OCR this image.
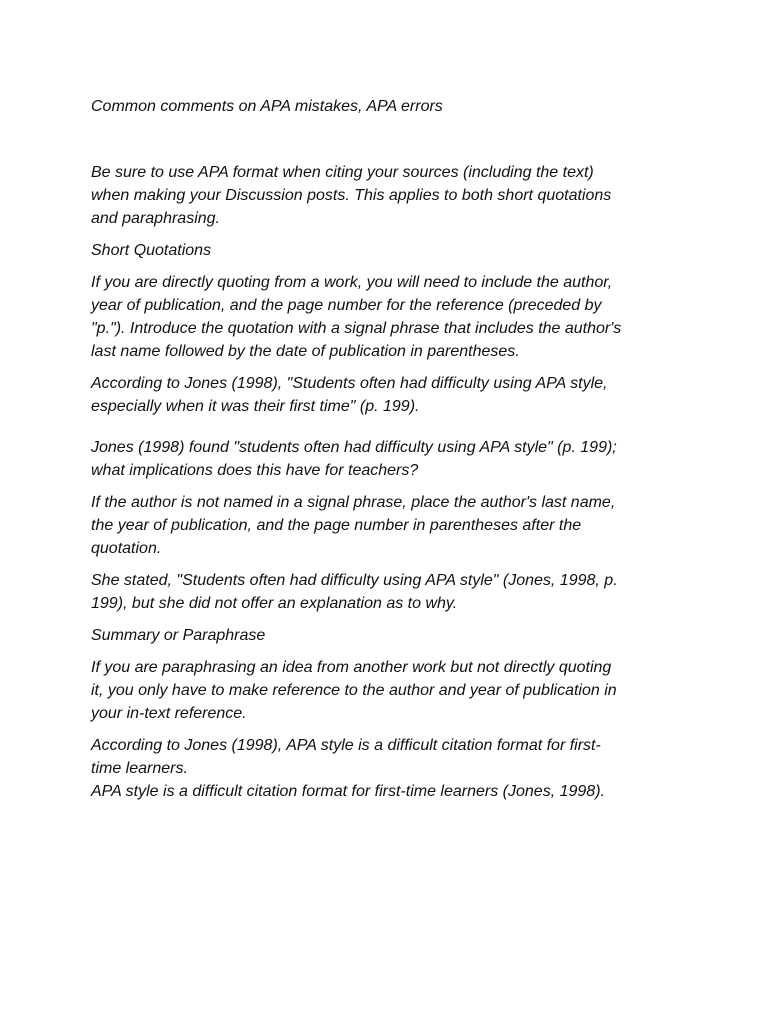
Common comments on APA mistakes, APA errors

Be sure to use APA format when citing your sources (including the text)
when making your Discussion posts. This applies to both short quotations
and paraphrasing.

Short Quotations

If you are directly quoting from a work, you will need to include the author,
year of publication, and the page number for the reference (preceded by
"p."). Introduce the quotation with a signal phrase that includes the author's
last name followed by the date of publication in parentheses.

According to Jones (1998), "Students often had difficulty using APA style,
especially when it was their first time" (p. 199).

Jones (1998) found "students often had difficulty using APA style" (p. 199);
what implications does this have for teachers?

If the author is not named in a signal phrase, place the author's last name,
the year of publication, and the page number in parentheses after the
quotation.

She stated, "Students often had difficulty using APA style" (Jones, 1998, p.
199), but she did not offer an explanation as to why.

Summary or Paraphrase

If you are paraphrasing an idea from another work but not directly quoting
it, you only have to make reference to the author and year of publication in
your in-text reference.

According to Jones (1998), APA style is a difficult citation format for first-
time learners.

APA style is a difficult citation format for first-time learners (Jones, 1998).
